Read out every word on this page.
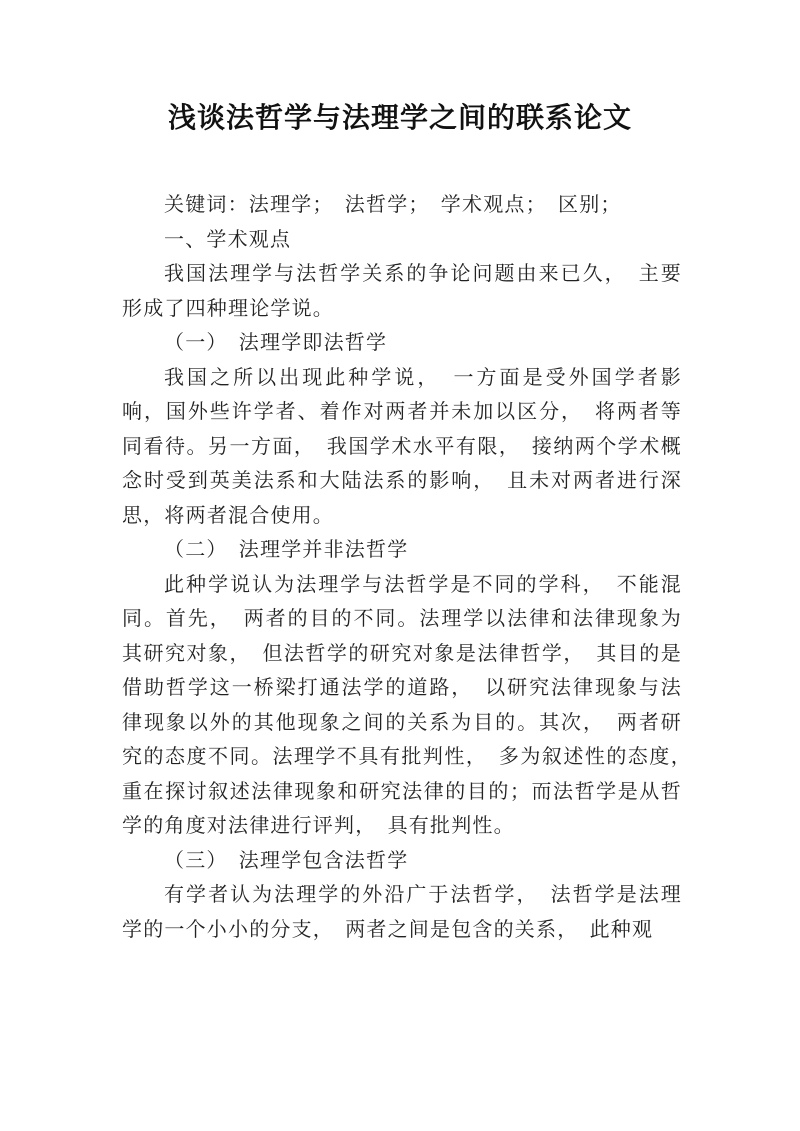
浅谈法哲学与法理学之间的联系论文

关键词：法理学；　法哲学；　学术观点；　区别；

一、学术观点

我国法理学与法哲学关系的争论问题由来已久，　主要形成了四种理论学说。

（一）　法理学即法哲学

我国之所以出现此种学说，　一方面是受外国学者影响，国外些许学者、着作对两者并未加以区分，　将两者等同看待。另一方面，　我国学术水平有限，　接纳两个学术概念时受到英美法系和大陆法系的影响，　且未对两者进行深思，将两者混合使用。

（二）　法理学并非法哲学

此种学说认为法理学与法哲学是不同的学科，　不能混同。首先，　两者的目的不同。法理学以法律和法律现象为其研究对象，　但法哲学的研究对象是法律哲学，　其目的是借助哲学这一桥梁打通法学的道路，　以研究法律现象与法律现象以外的其他现象之间的关系为目的。其次，　两者研究的态度不同。法理学不具有批判性，　多为叙述性的态度，　重在探讨叙述法律现象和研究法律的目的；而法哲学是从哲学的角度对法律进行评判，　具有批判性。

（三）　法理学包含法哲学

有学者认为法理学的外沿广于法哲学，　法哲学是法理学的一个小小的分支，　两者之间是包含的关系，　此种观
